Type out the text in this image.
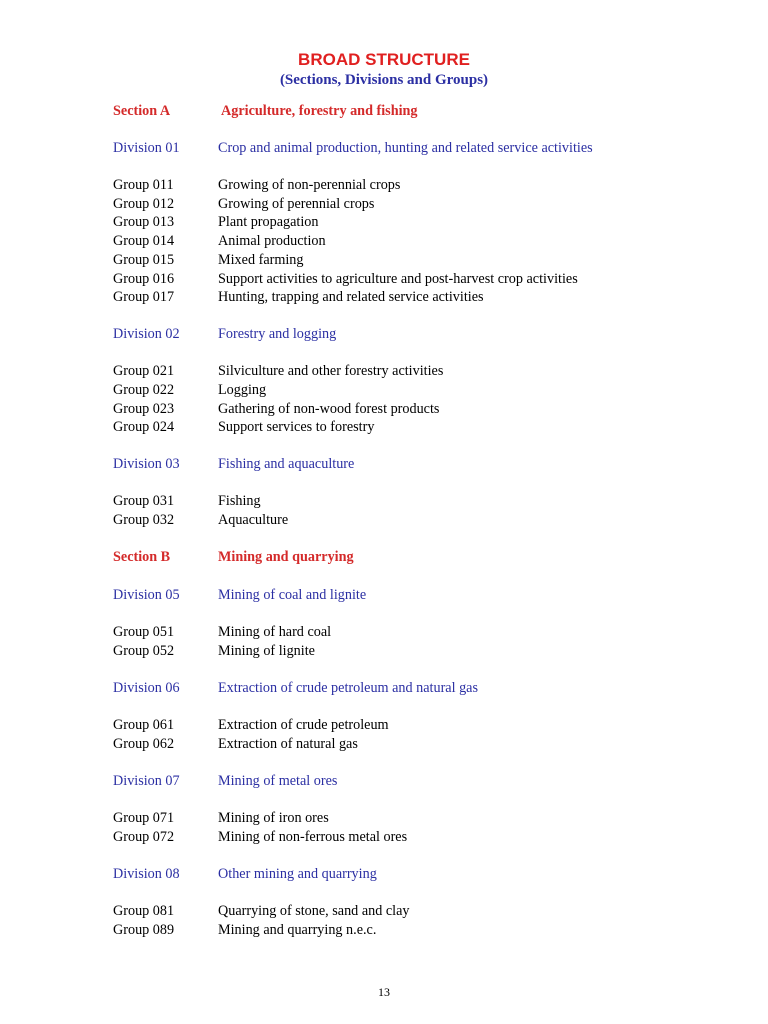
BROAD STRUCTURE
(Sections, Divisions and Groups)
Section A	Agriculture, forestry and fishing
Division 01	Crop and animal production, hunting and related service activities
Group 011	Growing of non-perennial crops
Group 012	Growing of perennial crops
Group 013	Plant propagation
Group 014	Animal production
Group 015	Mixed farming
Group 016	Support activities to agriculture and post-harvest crop activities
Group 017	Hunting, trapping and related service activities
Division 02	Forestry and logging
Group 021	Silviculture and other forestry activities
Group 022	Logging
Group 023	Gathering of non-wood forest products
Group 024	Support services to forestry
Division 03	Fishing and aquaculture
Group 031	Fishing
Group 032	Aquaculture
Section B	Mining and quarrying
Division 05	Mining of coal and lignite
Group 051	Mining of hard coal
Group 052	Mining of lignite
Division 06	Extraction of crude petroleum and natural gas
Group 061	Extraction of crude petroleum
Group 062	Extraction of natural gas
Division 07	Mining of metal ores
Group 071	Mining of iron ores
Group 072	Mining of non-ferrous metal ores
Division 08	Other mining and quarrying
Group 081	Quarrying of stone, sand and clay
Group 089	Mining and quarrying n.e.c.
13
